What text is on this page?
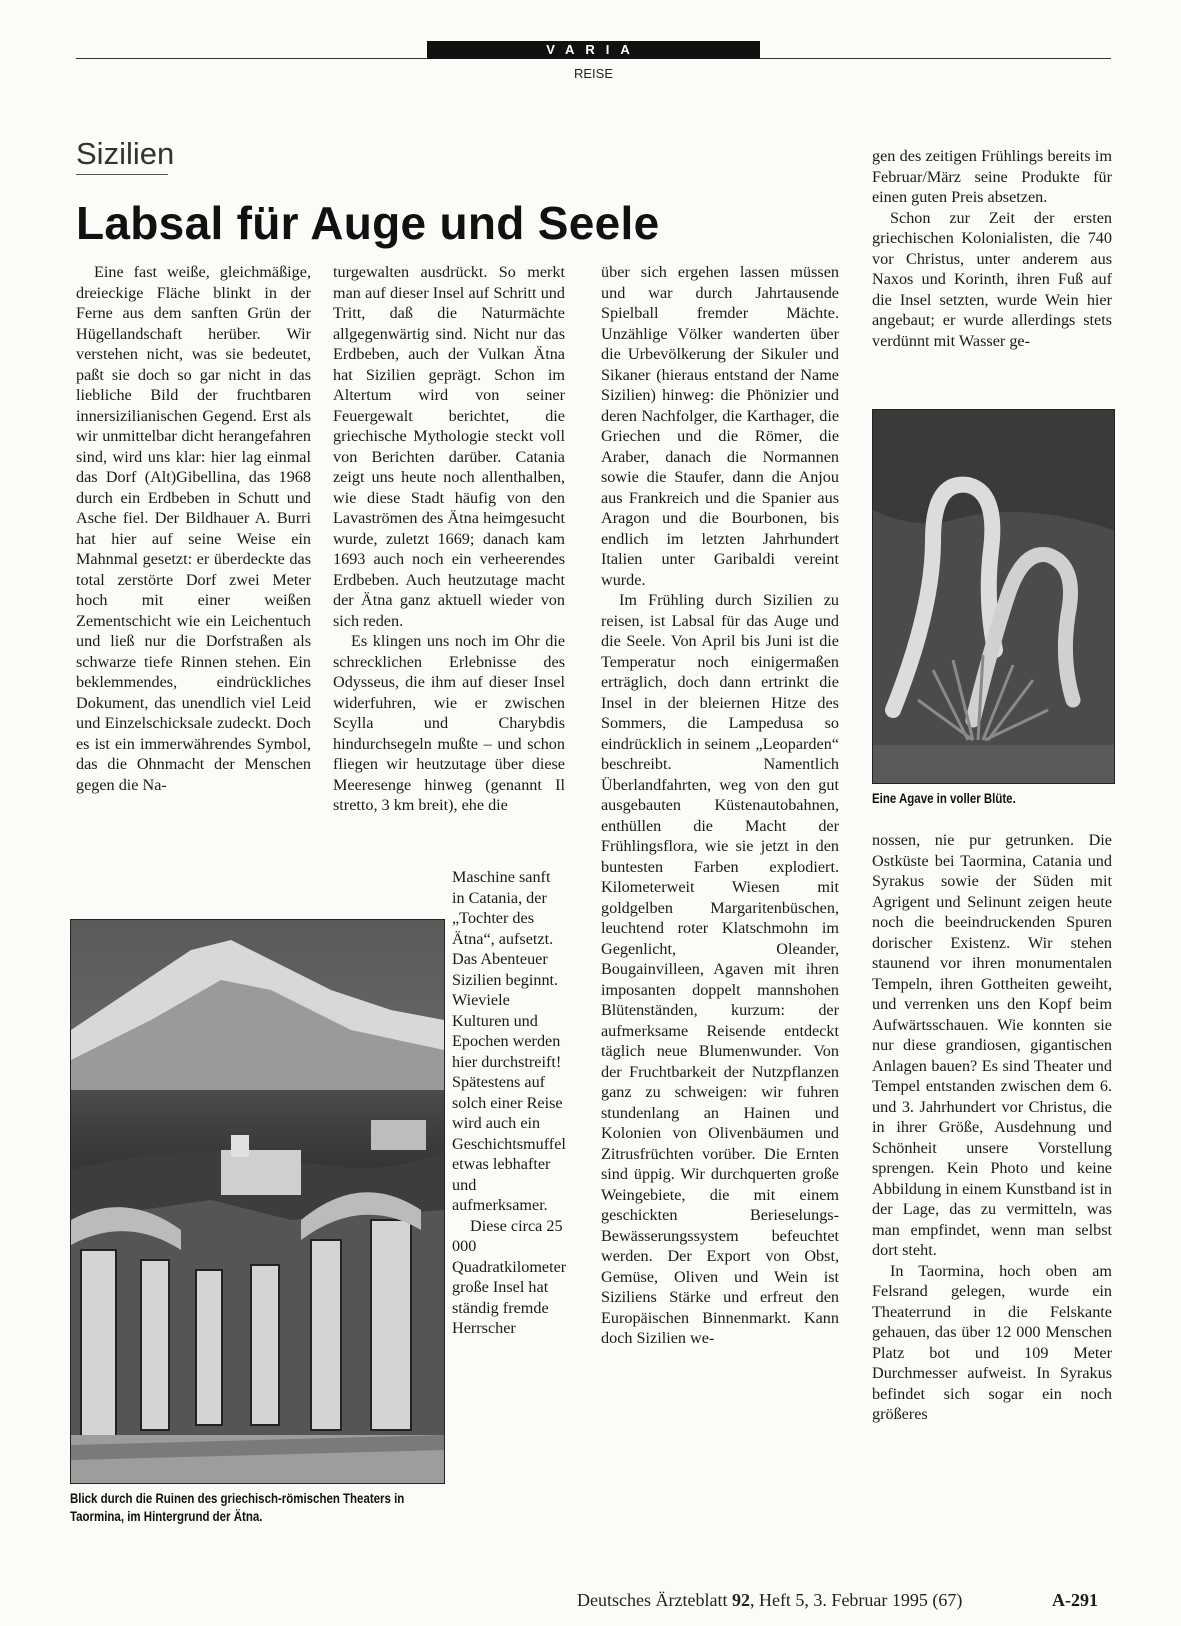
VARIA
REISE
Sizilien
Labsal für Auge und Seele

Eine fast weiße, gleichmäßige, dreieckige Fläche blinkt in der Ferne aus dem sanften Grün der Hügellandschaft herüber. Wir verstehen nicht, was sie bedeutet, paßt sie doch so gar nicht in das liebliche Bild der fruchtbaren innersizilianischen Gegend. Erst als wir unmittelbar dicht herangefahren sind, wird uns klar: hier lag einmal das Dorf (Alt)Gibellina, das 1968 durch ein Erdbeben in Schutt und Asche fiel. Der Bildhauer A. Burri hat hier auf seine Weise ein Mahnmal gesetzt: er überdeckte das total zerstörte Dorf zwei Meter hoch mit einer weißen Zementschicht wie ein Leichentuch und ließ nur die Dorfstraßen als schwarze tiefe Rinnen stehen. Ein beklemmendes, eindrückliches Dokument, das unendlich viel Leid und Einzelschicksale zudeckt. Doch es ist ein immerwährendes Symbol, das die Ohnmacht der Menschen gegen die Na-

turgewalten ausdrückt. So merkt man auf dieser Insel auf Schritt und Tritt, daß die Naturmächte allgegenwärtig sind. Nicht nur das Erdbeben, auch der Vulkan Ätna hat Sizilien geprägt. Schon im Altertum wird von seiner Feuergewalt berichtet, die griechische Mythologie steckt voll von Berichten darüber. Catania zeigt uns heute noch allenthalben, wie diese Stadt häufig von den Lavaströmen des Ätna heimgesucht wurde, zuletzt 1669; danach kam 1693 auch noch ein verheerendes Erdbeben. Auch heutzutage macht der Ätna ganz aktuell wieder von sich reden.

Es klingen uns noch im Ohr die schrecklichen Erlebnisse des Odysseus, die ihm auf dieser Insel widerfuhren, wie er zwischen Scylla und Charybdis hindurchsegeln mußte – und schon fliegen wir heutzutage über diese Meeresenge hinweg (genannt Il stretto, 3 km breit), ehe die

Maschine sanft in Catania, der „Tochter des Ätna“, aufsetzt. Das Abenteuer Sizilien beginnt. Wieviele Kulturen und Epochen werden hier durchstreift! Spätestens auf solch einer Reise wird auch ein Geschichtsmuffel etwas lebhafter und aufmerksamer.

Diese circa 25 000 Quadratkilometer große Insel hat ständig fremde Herrscher

über sich ergehen lassen müssen und war durch Jahrtausende Spielball fremder Mächte. Unzählige Völker wanderten über die Urbevölkerung der Sikuler und Sikaner (hieraus entstand der Name Sizilien) hinweg: die Phönizier und deren Nachfolger, die Karthager, die Griechen und die Römer, die Araber, danach die Normannen sowie die Staufer, dann die Anjou aus Frankreich und die Spanier aus Aragon und die Bourbonen, bis endlich im letzten Jahrhundert Italien unter Garibaldi vereint wurde.

Im Frühling durch Sizilien zu reisen, ist Labsal für das Auge und die Seele. Von April bis Juni ist die Temperatur noch einigermaßen erträglich, doch dann ertrinkt die Insel in der bleiernen Hitze des Sommers, die Lampedusa so eindrücklich in seinem „Leoparden“ beschreibt. Namentlich Überlandfahrten, weg von den gut ausgebauten Küstenautobahnen, enthüllen die Macht der Frühlingsflora, wie sie jetzt in den buntesten Farben explodiert. Kilometerweit Wiesen mit goldgelben Margaritenbüschen, leuchtend roter Klatschmohn im Gegenlicht, Oleander, Bougainvilleen, Agaven mit ihren imposanten doppelt mannshohen Blütenständen, kurzum: der aufmerksame Reisende entdeckt täglich neue Blumenwunder. Von der Fruchtbarkeit der Nutzpflanzen ganz zu schweigen: wir fuhren stundenlang an Hainen und Kolonien von Olivenbäumen und Zitrusfrüchten vorüber. Die Ernten sind üppig. Wir durchquerten große Weingebiete, die mit einem geschickten Berieselungs-Bewässerungssystem befeuchtet werden. Der Export von Obst, Gemüse, Oliven und Wein ist Siziliens Stärke und erfreut den Europäischen Binnenmarkt. Kann doch Sizilien we-

gen des zeitigen Frühlings bereits im Februar/März seine Produkte für einen guten Preis absetzen.

Schon zur Zeit der ersten griechischen Kolonialisten, die 740 vor Christus, unter anderem aus Naxos und Korinth, ihren Fuß auf die Insel setzten, wurde Wein hier angebaut; er wurde allerdings stets verdünnt mit Wasser ge-

nossen, nie pur getrunken. Die Ostküste bei Taormina, Catania und Syrakus sowie der Süden mit Agrigent und Selinunt zeigen heute noch die beeindruckenden Spuren dorischer Existenz. Wir stehen staunend vor ihren monumentalen Tempeln, ihren Gottheiten geweiht, und verrenken uns den Kopf beim Aufwärtsschauen. Wie konnten sie nur diese grandiosen, gigantischen Anlagen bauen? Es sind Theater und Tempel entstanden zwischen dem 6. und 3. Jahrhundert vor Christus, die in ihrer Größe, Ausdehnung und Schönheit unsere Vorstellung sprengen. Kein Photo und keine Abbildung in einem Kunstband ist in der Lage, das zu vermitteln, was man empfindet, wenn man selbst dort steht.

In Taormina, hoch oben am Felsrand gelegen, wurde ein Theaterrund in die Felskante gehauen, das über 12 000 Menschen Platz bot und 109 Meter Durchmesser aufweist. In Syrakus befindet sich sogar ein noch größeres

Blick durch die Ruinen des griechisch-römischen Theaters in Taormina, im Hintergrund der Ätna.
Eine Agave in voller Blüte.
Deutsches Ärzteblatt 92, Heft 5, 3. Februar 1995 (67)	A-291
